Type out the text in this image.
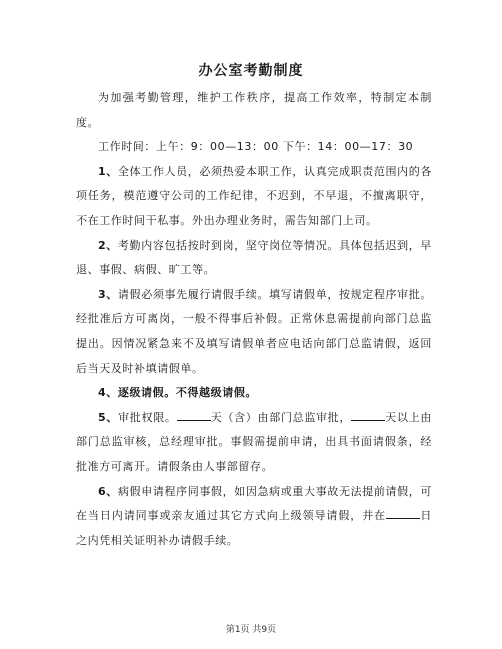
办公室考勤制度

为加强考勤管理，维护工作秩序，提高工作效率，特制定本制度。

工作时间：上午：9：00—13：00 下午：14：00—17：30

1、全体工作人员，必须热爱本职工作，认真完成职责范围内的各项任务，模范遵守公司的工作纪律，不迟到，不早退，不擅离职守，不在工作时间干私事。外出办理业务时，需告知部门上司。

2、考勤内容包括按时到岗，坚守岗位等情况。具体包括迟到，早退、事假、病假、旷工等。

3、请假必须事先履行请假手续。填写请假单，按规定程序审批。经批准后方可离岗，一般不得事后补假。正常休息需提前向部门总监提出。因情况紧急来不及填写请假单者应电话向部门总监请假，返回后当天及时补填请假单。

4、逐级请假。不得越级请假。

5、审批权限。	天（含）由部门总监审批，	天以上由部门总监审核，总经理审批。事假需提前申请，出具书面请假条，经批准方可离开。请假条由人事部留存。

6、病假申请程序同事假，如因急病或重大事故无法提前请假，可在当日内请同事或亲友通过其它方式向上级领导请假，并在	日之内凭相关证明补办请假手续。

第1页 共9页
